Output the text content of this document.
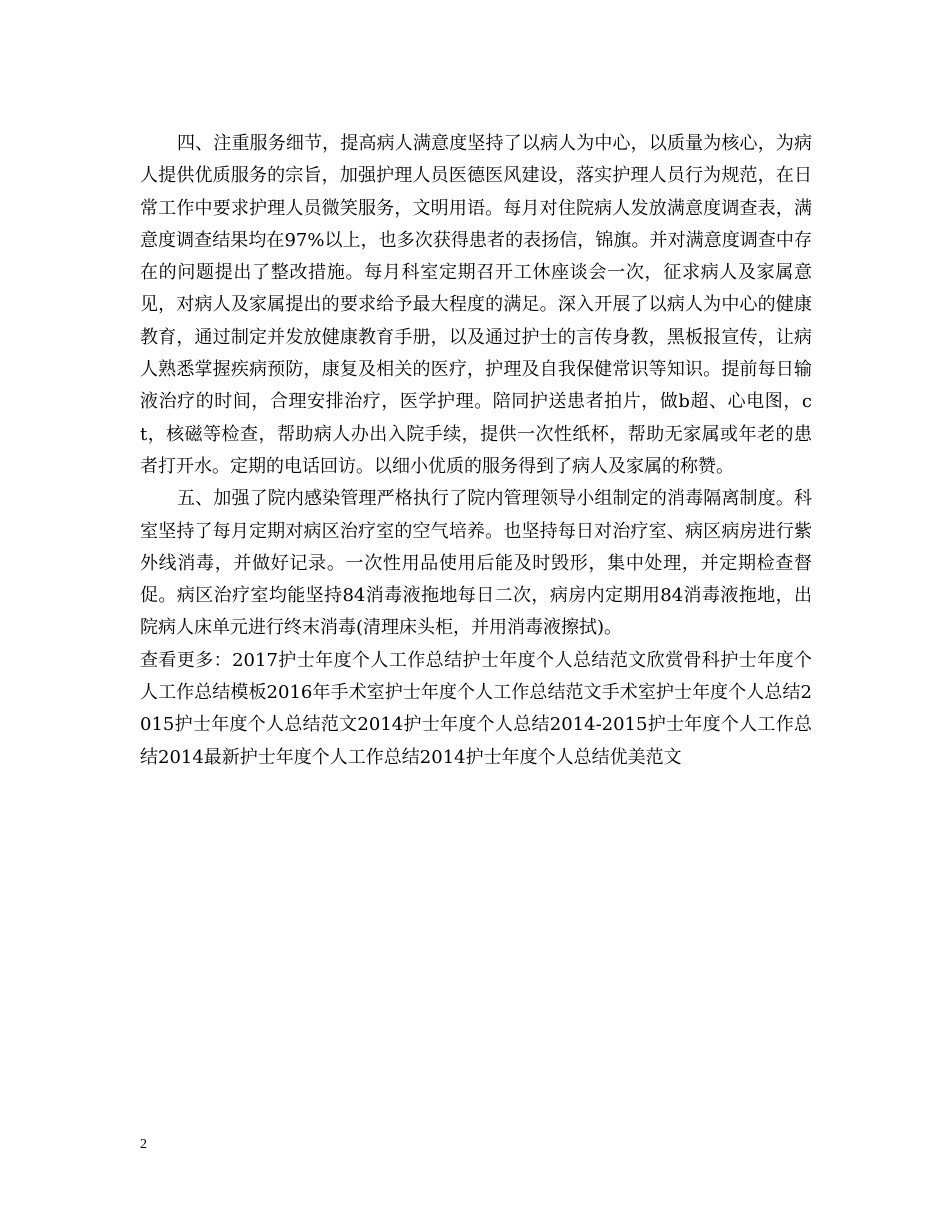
四、注重服务细节，提高病人满意度坚持了以病人为中心，以质量为核心，为病人提供优质服务的宗旨，加强护理人员医德医风建设，落实护理人员行为规范，在日常工作中要求护理人员微笑服务，文明用语。每月对住院病人发放满意度调查表，满意度调查结果均在97%以上，也多次获得患者的表扬信，锦旗。并对满意度调查中存在的问题提出了整改措施。每月科室定期召开工休座谈会一次，征求病人及家属意见，对病人及家属提出的要求给予最大程度的满足。深入开展了以病人为中心的健康教育，通过制定并发放健康教育手册，以及通过护士的言传身教，黑板报宣传，让病人熟悉掌握疾病预防，康复及相关的医疗，护理及自我保健常识等知识。提前每日输液治疗的时间，合理安排治疗，医学护理。陪同护送患者拍片，做b超、心电图，ct，核磁等检查，帮助病人办出入院手续，提供一次性纸杯，帮助无家属或年老的患者打开水。定期的电话回访。以细小优质的服务得到了病人及家属的称赞。

五、加强了院内感染管理严格执行了院内管理领导小组制定的消毒隔离制度。科室坚持了每月定期对病区治疗室的空气培养。也坚持每日对治疗室、病区病房进行紫外线消毒，并做好记录。一次性用品使用后能及时毁形，集中处理，并定期检查督促。病区治疗室均能坚持84消毒液拖地每日二次，病房内定期用84消毒液拖地，出院病人床单元进行终末消毒(清理床头柜，并用消毒液擦拭)。

查看更多：2017护士年度个人工作总结护士年度个人总结范文欣赏骨科护士年度个人工作总结模板2016年手术室护士年度个人工作总结范文手术室护士年度个人总结2015护士年度个人总结范文2014护士年度个人总结2014-2015护士年度个人工作总结2014最新护士年度个人工作总结2014护士年度个人总结优美范文

2
